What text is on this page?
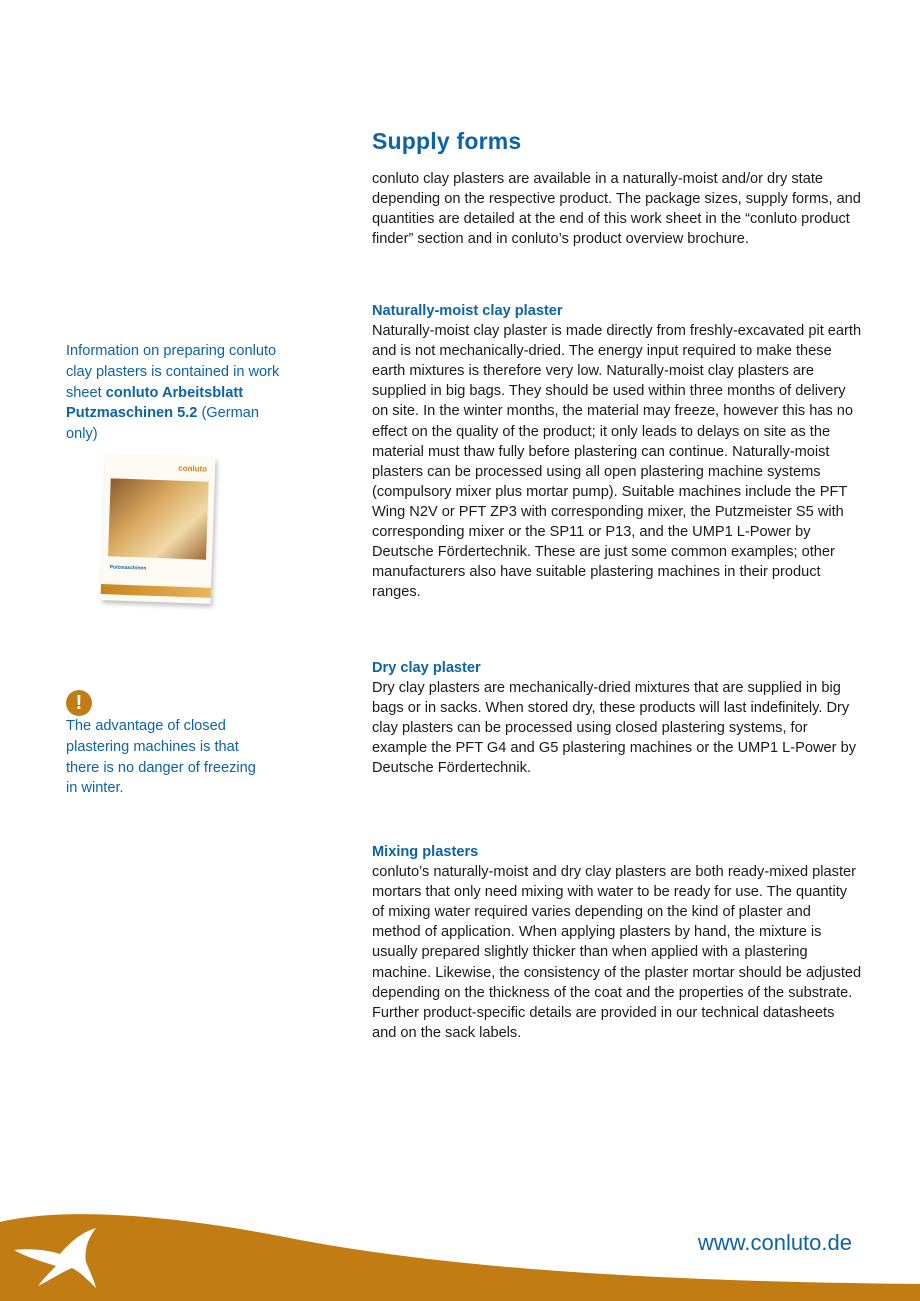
Supply forms

conluto clay plasters are available in a naturally-moist and/or dry state depending on the respective product. The package sizes, supply forms, and quantities are detailed at the end of this work sheet in the “conluto product finder” section and in conluto’s product overview brochure.

Naturally-moist clay plaster

Naturally-moist clay plaster is made directly from freshly-excavated pit earth and is not mechanically-dried. The energy input required to make these earth mixtures is therefore very low. Naturally-moist clay plasters are supplied in big bags. They should be used within three months of delivery on site. In the winter months, the material may freeze, however this has no effect on the quality of the product; it only leads to delays on site as the material must thaw fully before plastering can continue. Naturally-moist plasters can be processed using all open plastering machine systems (compulsory mixer plus mortar pump). Suitable machines include the PFT Wing N2V or PFT ZP3 with corresponding mixer, the Putzmeister S5 with corresponding mixer or the SP11 or P13, and the UMP1 L-Power by Deutsche Fördertechnik. These are just some common examples; other manufacturers also have suitable plastering machines in their product ranges.

Dry clay plaster

Dry clay plasters are mechanically-dried mixtures that are supplied in big bags or in sacks. When stored dry, these products will last indefinitely. Dry clay plasters can be processed using closed plastering systems, for example the PFT G4 and G5 plastering machines or the UMP1 L-Power by Deutsche Fördertechnik.

Mixing plasters

conluto’s naturally-moist and dry clay plasters are both ready-mixed plaster mortars that only need mixing with water to be ready for use. The quantity of mixing water required varies depending on the kind of plaster and method of application. When applying plasters by hand, the mixture is usually prepared slightly thicker than when applied with a plastering machine. Likewise, the consistency of the plaster mortar should be adjusted depending on the thickness of the coat and the properties of the substrate. Further product-specific details are provided in our technical datasheets and on the sack labels.

Information on preparing conluto clay plasters is contained in work sheet conluto Arbeitsblatt Putzmaschinen 5.2 (German only)
conluto
Putzmaschinen
!
The advantage of closed plastering machines is that there is no danger of freezing in winter.
www.conluto.de
